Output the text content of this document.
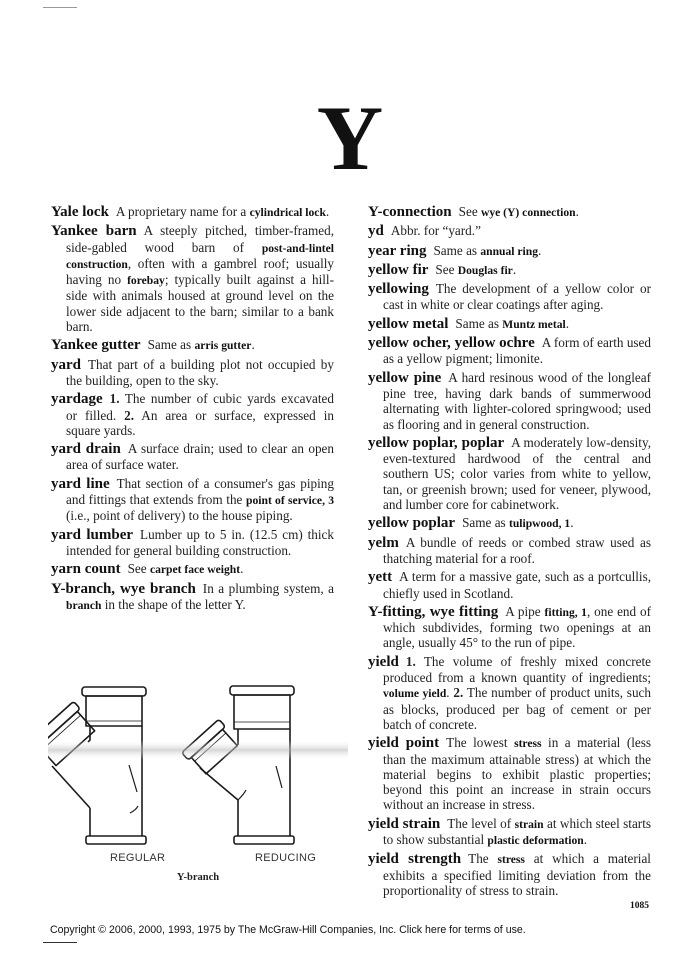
Y
Yale lock A proprietary name for a cylindrical lock.
Yankee barn A steeply pitched, timber-framed, side-gabled wood barn of post-and-lintel construction, often with a gambrel roof; usually having no forebay; typically built against a hill-side with animals housed at ground level on the lower side adjacent to the barn; similar to a bank barn.
Yankee gutter Same as arris gutter.
yard That part of a building plot not occupied by the building, open to the sky.
yardage 1. The number of cubic yards excavated or filled. 2. An area or surface, expressed in square yards.
yard drain A surface drain; used to clear an open area of surface water.
yard line That section of a consumer's gas piping and fittings that extends from the point of service, 3 (i.e., point of delivery) to the house piping.
yard lumber Lumber up to 5 in. (12.5 cm) thick intended for general building construction.
yarn count See carpet face weight.
Y-branch, wye branch In a plumbing system, a branch in the shape of the letter Y.
Y-connection See wye (Y) connection.
yd Abbr. for “yard.”
year ring Same as annual ring.
yellow fir See Douglas fir.
yellowing The development of a yellow color or cast in white or clear coatings after aging.
yellow metal Same as Muntz metal.
yellow ocher, yellow ochre A form of earth used as a yellow pigment; limonite.
yellow pine A hard resinous wood of the longleaf pine tree, having dark bands of summerwood alternating with lighter-colored springwood; used as flooring and in general construction.
yellow poplar, poplar A moderately low-density, even-textured hardwood of the central and southern US; color varies from white to yellow, tan, or greenish brown; used for veneer, plywood, and lumber core for cabinetwork.
yellow poplar Same as tulipwood, 1.
yelm A bundle of reeds or combed straw used as thatching material for a roof.
yett A term for a massive gate, such as a portcullis, chiefly used in Scotland.
Y-fitting, wye fitting A pipe fitting, 1, one end of which subdivides, forming two openings at an angle, usually 45° to the run of pipe.
yield 1. The volume of freshly mixed concrete produced from a known quantity of ingredients; volume yield. 2. The number of product units, such as blocks, produced per bag of cement or per batch of concrete.
yield point The lowest stress in a material (less than the maximum attainable stress) at which the material begins to exhibit plastic properties; beyond this point an increase in strain occurs without an increase in stress.
yield strain The level of strain at which steel starts to show substantial plastic deformation.
yield strength The stress at which a material exhibits a specified limiting deviation from the proportionality of stress to strain.
REGULAR	REDUCING
Y-branch
1085
Copyright © 2006, 2000, 1993, 1975 by The McGraw-Hill Companies, Inc. Click here for terms of use.
